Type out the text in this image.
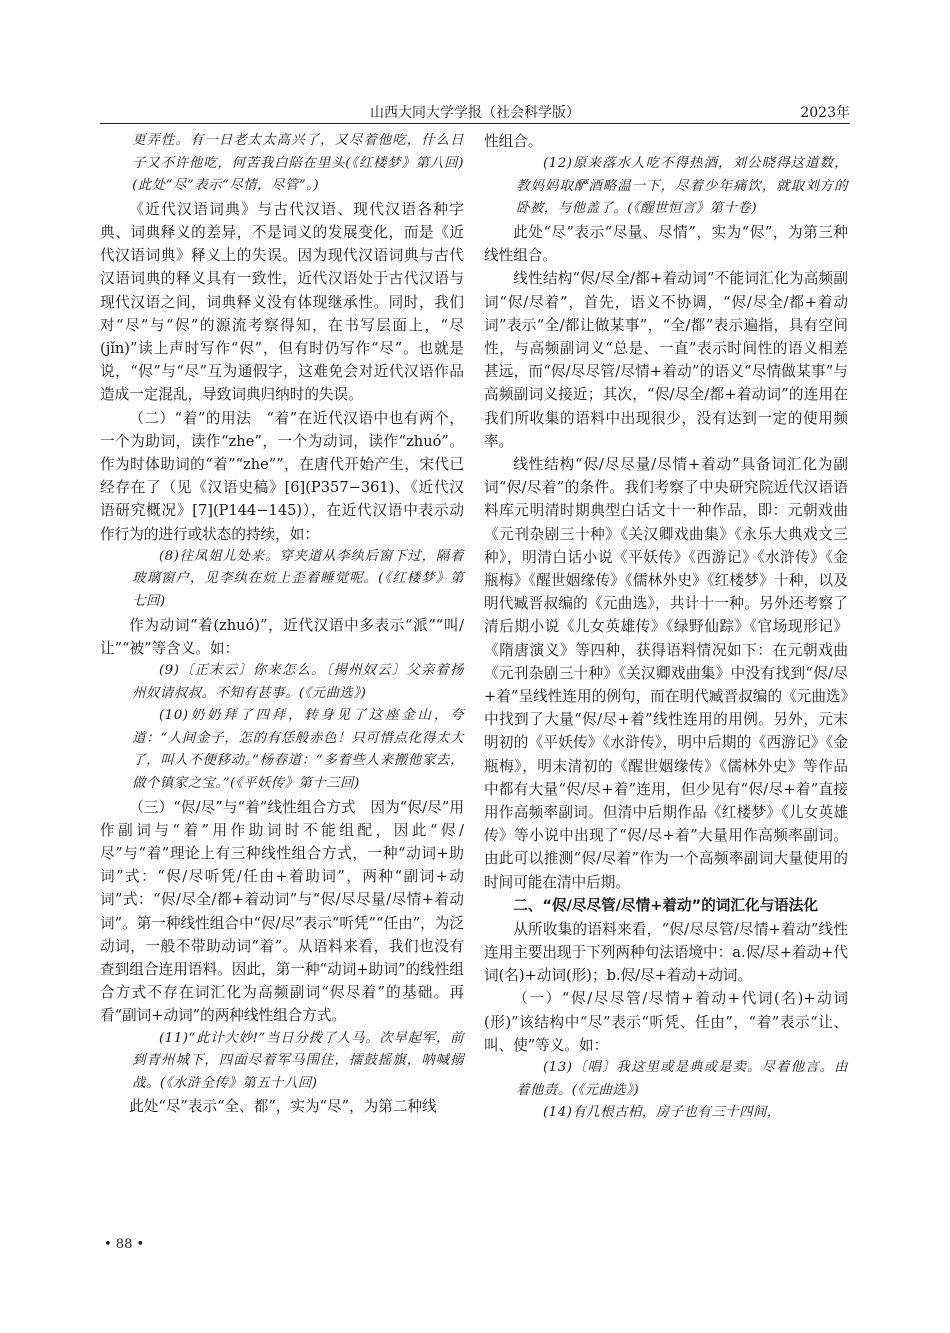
山西大同大学学报（社会科学版）	2023年

更弄性。有一日老太太高兴了，又尽着他吃，什么日子又不许他吃，何苦我白陪在里头(《红楼梦》第八回)(此处“尽”表示“尽情，尽管”。)

《近代汉语词典》与古代汉语、现代汉语各种字典、词典释义的差异，不是词义的发展变化，而是《近代汉语词典》释义上的失误。因为现代汉语词典与古代汉语词典的释义具有一致性，近代汉语处于古代汉语与现代汉语之间，词典释义没有体现继承性。同时，我们对“尽”与“侭”的源流考察得知，在书写层面上，“尽(jǐn)”读上声时写作“侭”，但有时仍写作“尽”。也就是说，“侭”与“尽”互为通假字，这难免会对近代汉语作品造成一定混乱，导致词典归纳时的失误。

（二）“着”的用法　“着”在近代汉语中也有两个，一个为助词，读作“zhe”，一个为动词，读作“zhuó”。作为时体助词的“着”“zhe””，在唐代开始产生，宋代已经存在了（见《汉语史稿》[6](P357−361)、《近代汉语研究概况》[7](P144−145)），在近代汉语中表示动作行为的进行或状态的持续，如：

(8)往凤姐儿处来。穿夹道从李纨后窗下过，隔着玻璃窗户，见李纨在炕上歪着睡觉呢。(《红楼梦》第七回)

作为动词“着(zhuó)”，近代汉语中多表示“派”“叫/让”“被”等含义。如：

(9)〔正末云〕你来怎么。〔揚州奴云〕父亲着扬州奴请叔叔。不知有甚事。(《元曲选》)

(10)奶奶拜了四拜，转身见了这座金山，夸道：“人间金子，怎的有恁般赤色！只可惜点化得太大了，叫人不便移动。”杨春道：“多着些人来搬他家去，做个镇家之宝。”(《平妖传》第十三回)

（三）“侭/尽”与“着”线性组合方式　因为“侭/尽”用作副词与“着”用作助词时不能组配，因此“侭/尽”与“着”理论上有三种线性组合方式，一种“动词+助词”式：“侭/尽听凭/任由+着助词”，两种“副词+动词”式：“侭/尽全/都+着动词”与“侭/尽尽量/尽情+着动词”。第一种线性组合中“侭/尽”表示“听凭”“任由”，为泛动词，一般不带助动词“着”。从语料来看，我们也没有查到组合连用语料。因此，第一种“动词+助词”的线性组合方式不存在词汇化为高频副词“侭尽着”的基础。再看“副词+动词”的两种线性组合方式。

(11)“此计大妙!”当日分拨了人马。次早起军，前到青州城下，四面尽着军马围住，擂鼓摇旗，呐喊搦战。(《水浒全传》第五十八回)

此处“尽”表示“全、都”，实为“尽”，为第二种线

性组合。

(12)原来落水人吃不得热酒，刘公晓得这道数，教妈妈取酽酒略温一下，尽着少年痛饮，就取刘方的卧被，与他盖了。(《醒世恒言》第十卷)

此处“尽”表示“尽量、尽情”，实为“侭”，为第三种线性组合。

线性结构“侭/尽全/都+着动词”不能词汇化为高频副词“侭/尽着”，首先，语义不协调，“侭/尽全/都+着动词”表示“全/都让做某事”，“全/都”表示遍指，具有空间性，与高频副词义“总是、一直”表示时间性的语义相差甚远，而“侭/尽尽管/尽情+着动”的语义“尽情做某事”与高频副词义接近；其次，“侭/尽全/都+着动词”的连用在我们所收集的语料中出现很少，没有达到一定的使用频率。

线性结构“侭/尽尽量/尽情+着动”具备词汇化为副词“侭/尽着”的条件。我们考察了中央研究院近代汉语语料库元明清时期典型白话文十一种作品，即：元朝戏曲《元刊杂剧三十种》《关汉卿戏曲集》《永乐大典戏文三种》，明清白话小说《平妖传》《西游记》《水浒传》《金瓶梅》《醒世姻缘传》《儒林外史》《红楼梦》十种，以及明代臧晋叔编的《元曲选》，共计十一种。另外还考察了清后期小说《儿女英雄传》《绿野仙踪》《官场现形记》《隋唐演义》等四种，获得语料情况如下：在元朝戏曲《元刊杂剧三十种》《关汉卿戏曲集》中没有找到“侭/尽+着”呈线性连用的例句，而在明代臧晋叔编的《元曲选》中找到了大量“侭/尽+着”线性连用的用例。另外，元末明初的《平妖传》《水浒传》，明中后期的《西游记》《金瓶梅》，明末清初的《醒世姻缘传》《儒林外史》等作品中都有大量“侭/尽+着”连用，但少见有“侭/尽+着”直接用作高频率副词。但清中后期作品《红楼梦》《儿女英雄传》等小说中出现了“侭/尽+着”大量用作高频率副词。由此可以推测“侭/尽着”作为一个高频率副词大量使用的时间可能在清中后期。

二、“侭/尽尽管/尽情+着动”的词汇化与语法化

从所收集的语料来看，“侭/尽尽管/尽情+着动”线性连用主要出现于下列两种句法语境中：a.侭/尽+着动+代词(名)+动词(形)；b.侭/尽+着动+动词。

（一）“侭/尽尽管/尽情+着动+代词(名)+动词(形)”该结构中“尽”表示“听凭、任由”，“着”表示“让、叫、使”等义。如：

(13)〔唱〕我这里或是典或是卖。尽着他言。由着他责。(《元曲选》)

(14)有几根古柏，房子也有三十四间，

• 88 •
